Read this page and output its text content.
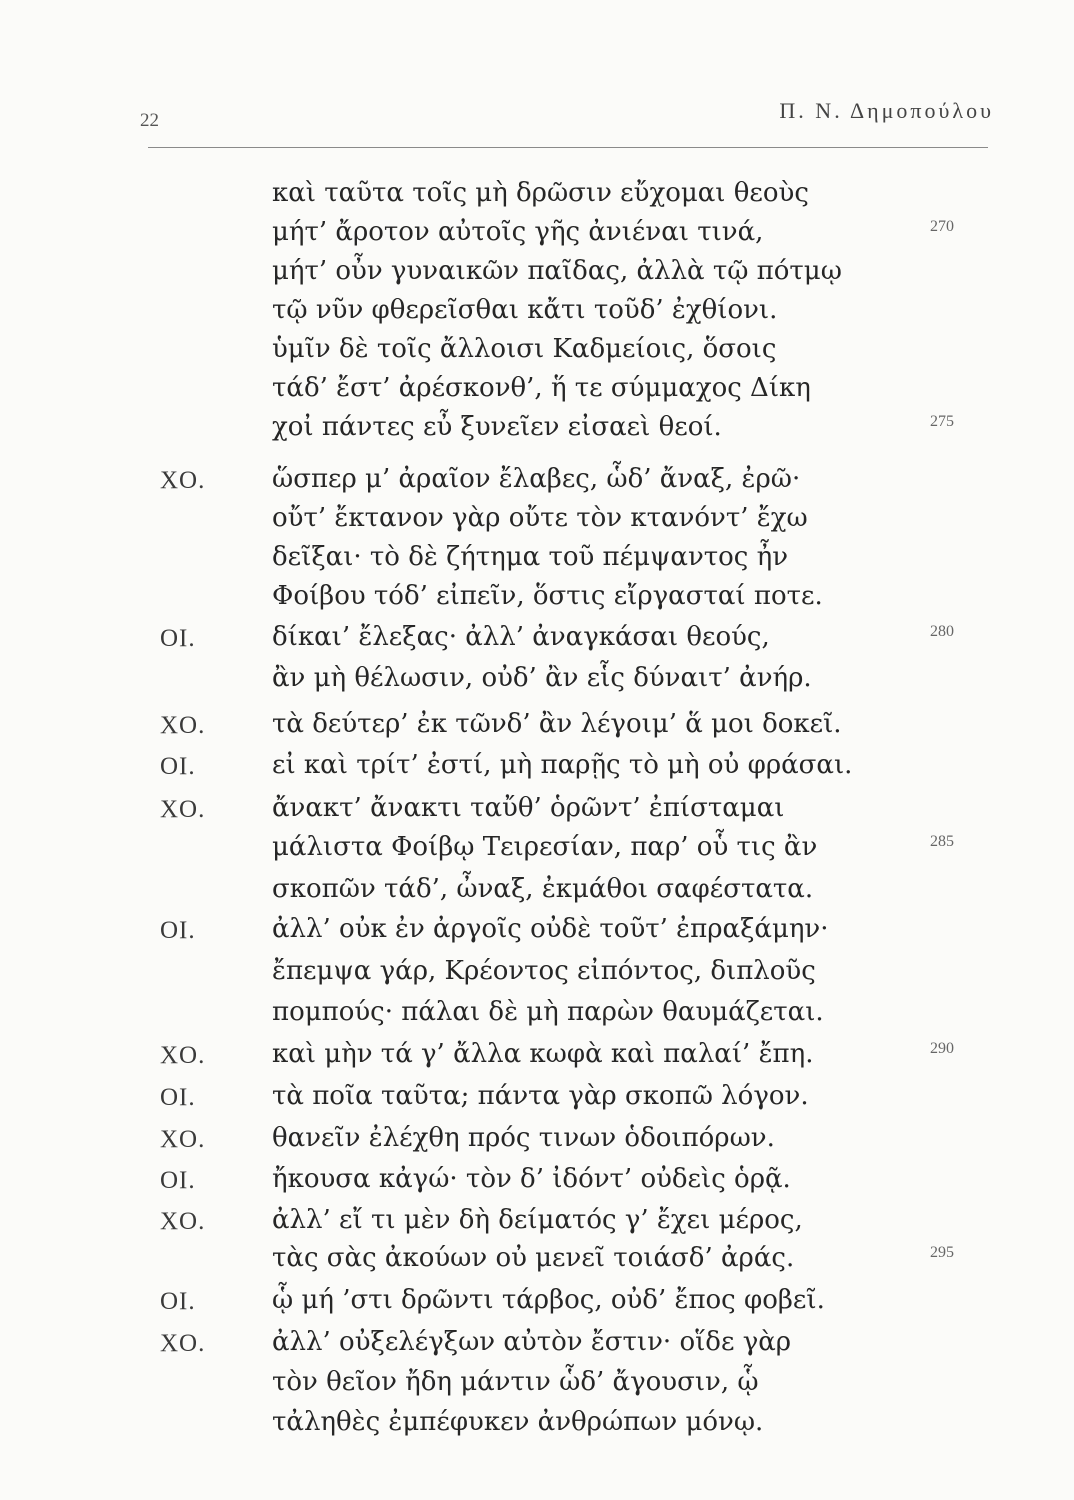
22	Π. Ν. Δημοπούλου
καὶ ταῦτα τοῖς μὴ δρῶσιν εὔχομαι θεοὺς
μήτ’ ἄροτον αὐτοῖς γῆς ἀνιέναι τινά,	270
μήτ’ οὖν γυναικῶν παῖδας, ἀλλὰ τῷ πότμῳ
τῷ νῦν φθερεῖσθαι κἄτι τοῦδ’ ἐχθίονι.
ὑμῖν δὲ τοῖς ἄλλοισι Καδμείοις, ὅσοις
τάδ’ ἔστ’ ἀρέσκονθ’, ἥ τε σύμμαχος Δίκη
χοἰ πάντες εὖ ξυνεῖεν εἰσαεὶ θεοί.	275
ΧΟ.	ὥσπερ μ’ ἀραῖον ἔλαβες, ὧδ’ ἄναξ, ἐρῶ·
οὔτ’ ἔκτανον γὰρ οὔτε τὸν κτανόντ’ ἔχω
δεῖξαι· τὸ δὲ ζήτημα τοῦ πέμψαντος ἦν
Φοίβου τόδ’ εἰπεῖν, ὅστις εἴργασταί ποτε.
ΟΙ.	δίκαι’ ἔλεξας· ἀλλ’ ἀναγκάσαι θεούς,	280
ἂν μὴ θέλωσιν, οὐδ’ ἂν εἷς δύναιτ’ ἀνήρ.
ΧΟ.	τὰ δεύτερ’ ἐκ τῶνδ’ ἂν λέγοιμ’ ἅ μοι δοκεῖ.
ΟΙ.	εἰ καὶ τρίτ’ ἐστί, μὴ παρῇς τὸ μὴ οὐ φράσαι.
ΧΟ.	ἄνακτ’ ἄνακτι ταὔθ’ ὁρῶντ’ ἐπίσταμαι
μάλιστα Φοίβῳ Τειρεσίαν, παρ’ οὗ τις ἂν	285
σκοπῶν τάδ’, ὦναξ, ἐκμάθοι σαφέστατα.
ΟΙ.	ἀλλ’ οὐκ ἐν ἀργοῖς οὐδὲ τοῦτ’ ἐπραξάμην·
ἔπεμψα γάρ, Κρέοντος εἰπόντος, διπλοῦς
πομπούς· πάλαι δὲ μὴ παρὼν θαυμάζεται.
ΧΟ.	καὶ μὴν τά γ’ ἄλλα κωφὰ καὶ παλαί’ ἔπη.	290
ΟΙ.	τὰ ποῖα ταῦτα; πάντα γὰρ σκοπῶ λόγον.
ΧΟ.	θανεῖν ἐλέχθη πρός τινων ὁδοιπόρων.
ΟΙ.	ἤκουσα κἀγώ· τὸν δ’ ἰδόντ’ οὐδεὶς ὁρᾷ.
ΧΟ.	ἀλλ’ εἴ τι μὲν δὴ δείματός γ’ ἔχει μέρος,
τὰς σὰς ἀκούων οὐ μενεῖ τοιάσδ’ ἀράς.	295
ΟΙ.	ᾧ μή ’στι δρῶντι τάρβος, οὐδ’ ἔπος φοβεῖ.
ΧΟ.	ἀλλ’ οὐξελέγξων αὐτὸν ἔστιν· οἵδε γὰρ
τὸν θεῖον ἤδη μάντιν ὧδ’ ἄγουσιν, ᾧ
τἀληθὲς ἐμπέφυκεν ἀνθρώπων μόνῳ.
